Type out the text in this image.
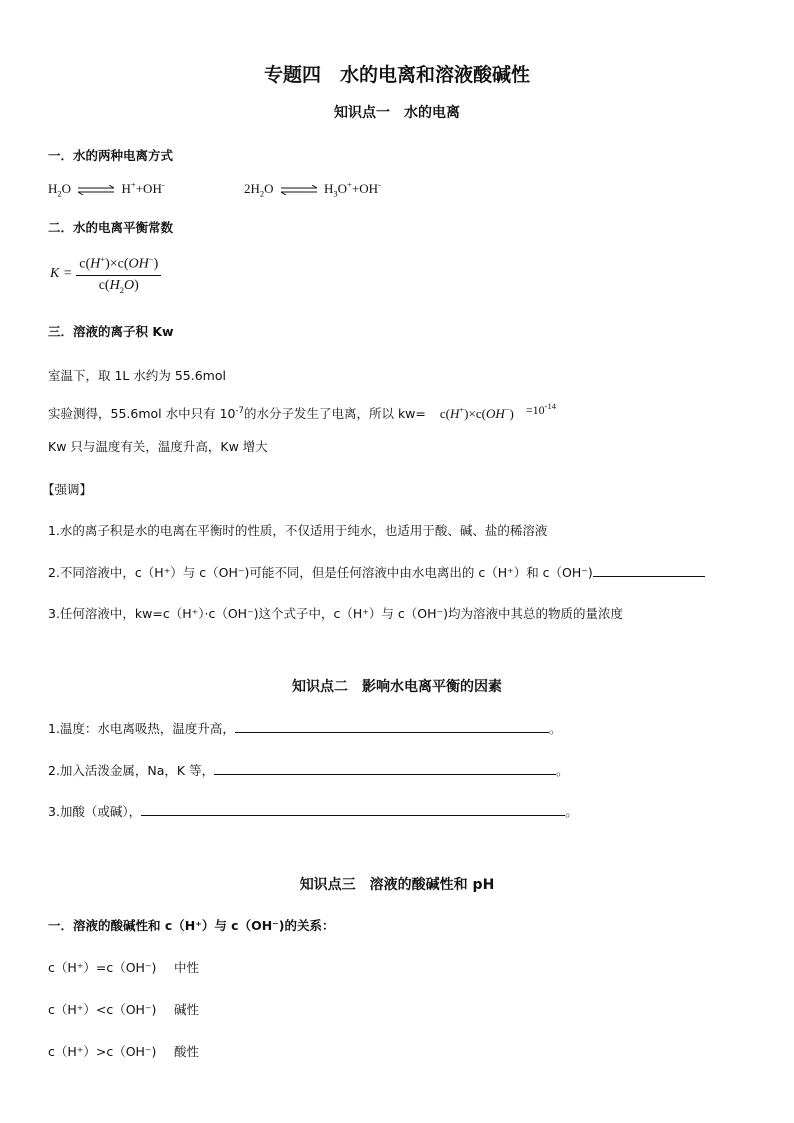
专题四　水的电离和溶液酸碱性
知识点一　水的电离
一．水的两种电离方式
$H_2O$ ⇌ H++OH-	$2H_2O$ ⇌ $H_3O^++OH^-$
二．水的电离平衡常数
$K = \frac{c(H^+)\times c(OH^-)}{c(H_2O)}$
三．溶液的离子积 Kw
室温下，取 1L 水约为 55.6mol
实验测得，55.6mol 水中只有 $10^{-7}$的水分子发生了电离，所以 $kw= c(H^+)\times c(OH^-) =10^{-14}$
Kw 只与温度有关，温度升高，Kw 增大
【强调】
1.水的离子积是水的电离在平衡时的性质，不仅适用于纯水，也适用于酸、碱、盐的稀溶液
2.不同溶液中，c（H⁺）与 c（OH⁻)可能不同，但是任何溶液中由水电离出的 c（H⁺）和 c（OH⁻)
3.任何溶液中，kw=c（H⁺）·c（OH⁻)这个式子中，c（H⁺）与 c（OH⁻)均为溶液中其总的物质的量浓度
知识点二　影响水电离平衡的因素
1.温度：水电离吸热，温度升高，	。
2.加入活泼金属，Na，K 等，	。
3.加酸（或碱），	。
知识点三　溶液的酸碱性和 pH
一．溶液的酸碱性和 c（H⁺）与 c（OH⁻)的关系：
c（H⁺）=c（OH⁻) 中性
c（H⁺）<c（OH⁻) 碱性
c（H⁺）>c（OH⁻) 酸性
